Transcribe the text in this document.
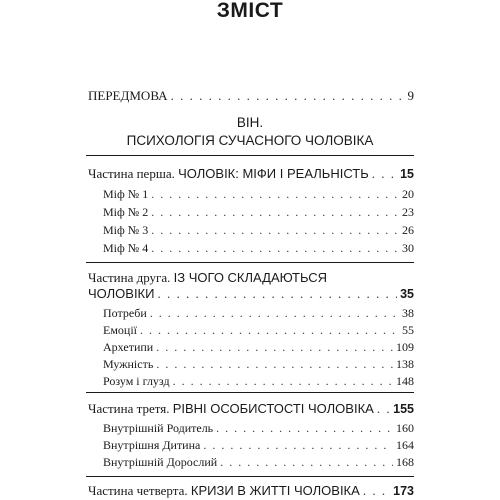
ЗМІСТ
ПЕРЕДМОВА . . .	9
ВІН.
ПСИХОЛОГІЯ СУЧАСНОГО ЧОЛОВІКА
Частина перша. ЧОЛОВІК: МІФИ І РЕАЛЬНІСТЬ . . .	15
Міф № 1 . . .	20
Міф № 2 . . .	23
Міф № 3 . . .	26
Міф № 4 . . .	30
Частина друга. ІЗ ЧОГО СКЛАДАЮТЬСЯ
ЧОЛОВІКИ . . .	35
Потреби . . .	38
Емоції . . .	55
Архетипи . . .	109
Мужність . . .	138
Розум і глузд . . .	148
Частина третя. РІВНІ ОСОБИСТОСТІ ЧОЛОВІКА . . . 155
Внутрішній Родитель . . .	160
Внутрішня Дитина . . .	164
Внутрішній Дорослий . . .	168
Частина четверта. КРИЗИ В ЖИТТІ ЧОЛОВІКА . . .	173
